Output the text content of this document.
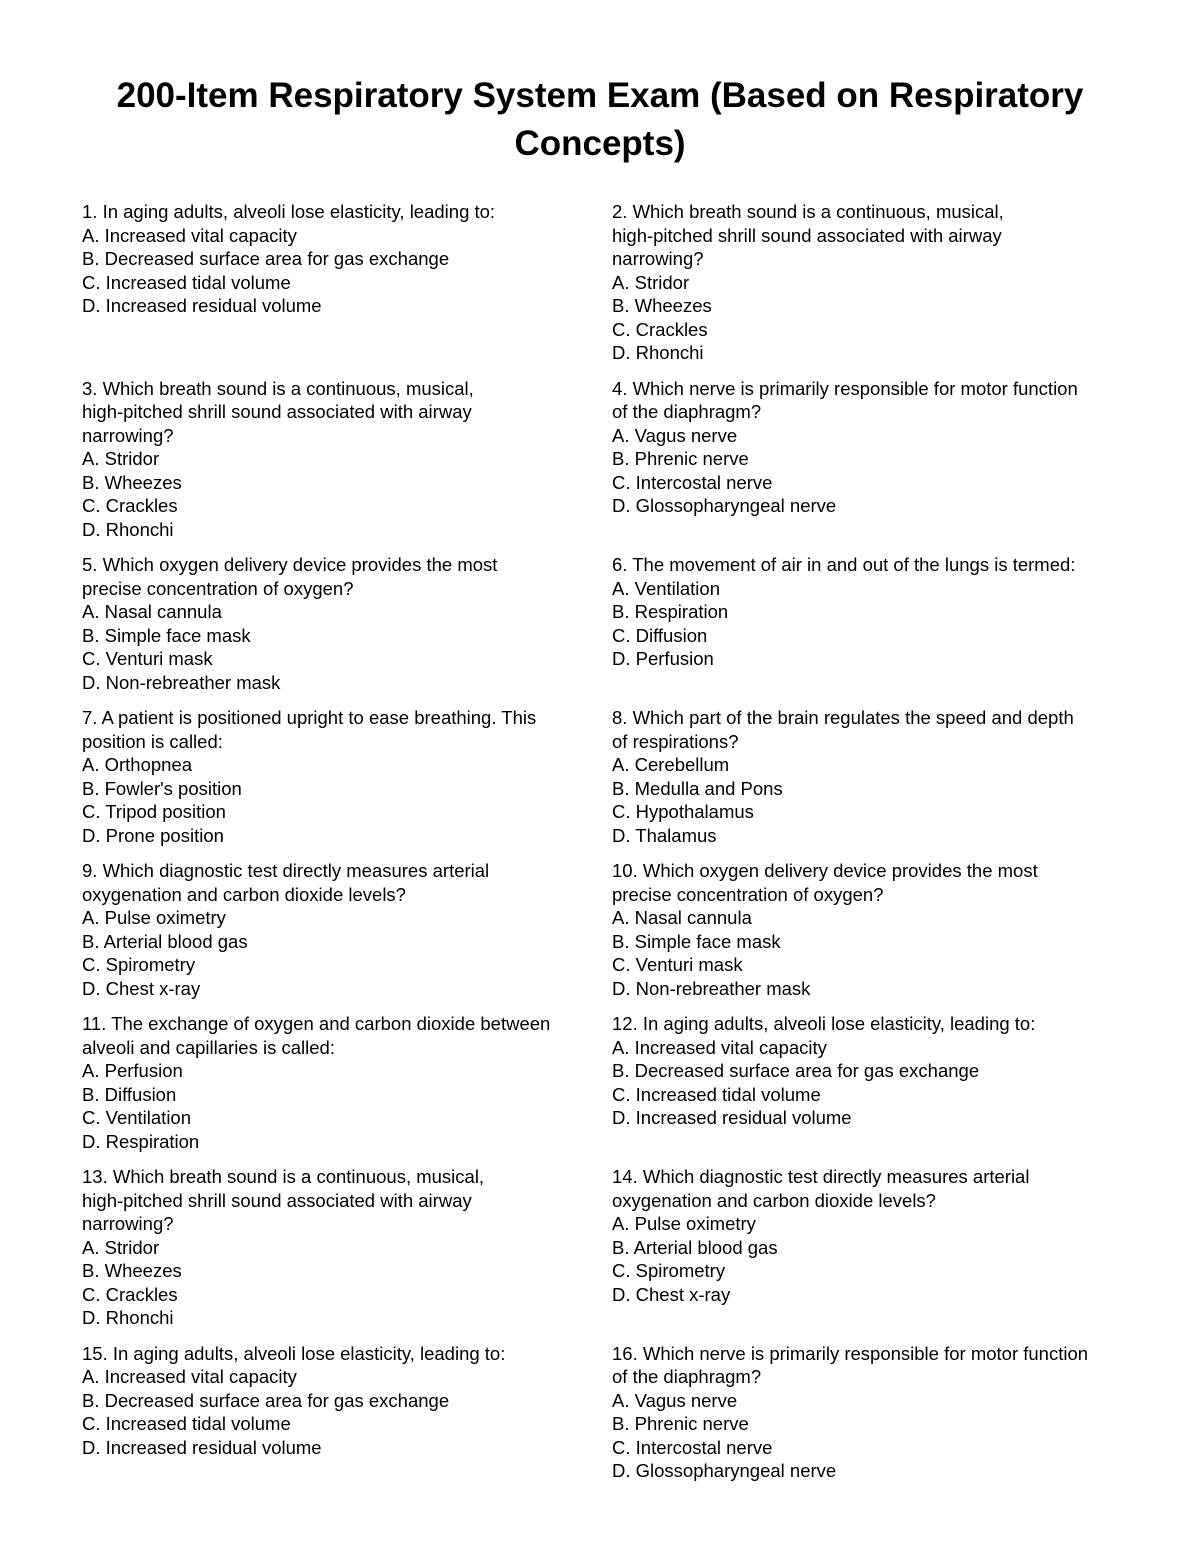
200-Item Respiratory System Exam (Based on Respiratory Concepts)
1. In aging adults, alveoli lose elasticity, leading to:
A. Increased vital capacity
B. Decreased surface area for gas exchange
C. Increased tidal volume
D. Increased residual volume
2. Which breath sound is a continuous, musical,
high-pitched shrill sound associated with airway
narrowing?
A. Stridor
B. Wheezes
C. Crackles
D. Rhonchi
3. Which breath sound is a continuous, musical,
high-pitched shrill sound associated with airway
narrowing?
A. Stridor
B. Wheezes
C. Crackles
D. Rhonchi
4. Which nerve is primarily responsible for motor function
of the diaphragm?
A. Vagus nerve
B. Phrenic nerve
C. Intercostal nerve
D. Glossopharyngeal nerve
5. Which oxygen delivery device provides the most
precise concentration of oxygen?
A. Nasal cannula
B. Simple face mask
C. Venturi mask
D. Non-rebreather mask
6. The movement of air in and out of the lungs is termed:
A. Ventilation
B. Respiration
C. Diffusion
D. Perfusion
7. A patient is positioned upright to ease breathing. This
position is called:
A. Orthopnea
B. Fowler's position
C. Tripod position
D. Prone position
8. Which part of the brain regulates the speed and depth
of respirations?
A. Cerebellum
B. Medulla and Pons
C. Hypothalamus
D. Thalamus
9. Which diagnostic test directly measures arterial
oxygenation and carbon dioxide levels?
A. Pulse oximetry
B. Arterial blood gas
C. Spirometry
D. Chest x-ray
10. Which oxygen delivery device provides the most
precise concentration of oxygen?
A. Nasal cannula
B. Simple face mask
C. Venturi mask
D. Non-rebreather mask
11. The exchange of oxygen and carbon dioxide between
alveoli and capillaries is called:
A. Perfusion
B. Diffusion
C. Ventilation
D. Respiration
12. In aging adults, alveoli lose elasticity, leading to:
A. Increased vital capacity
B. Decreased surface area for gas exchange
C. Increased tidal volume
D. Increased residual volume
13. Which breath sound is a continuous, musical,
high-pitched shrill sound associated with airway
narrowing?
A. Stridor
B. Wheezes
C. Crackles
D. Rhonchi
14. Which diagnostic test directly measures arterial
oxygenation and carbon dioxide levels?
A. Pulse oximetry
B. Arterial blood gas
C. Spirometry
D. Chest x-ray
15. In aging adults, alveoli lose elasticity, leading to:
A. Increased vital capacity
B. Decreased surface area for gas exchange
C. Increased tidal volume
D. Increased residual volume
16. Which nerve is primarily responsible for motor function
of the diaphragm?
A. Vagus nerve
B. Phrenic nerve
C. Intercostal nerve
D. Glossopharyngeal nerve
